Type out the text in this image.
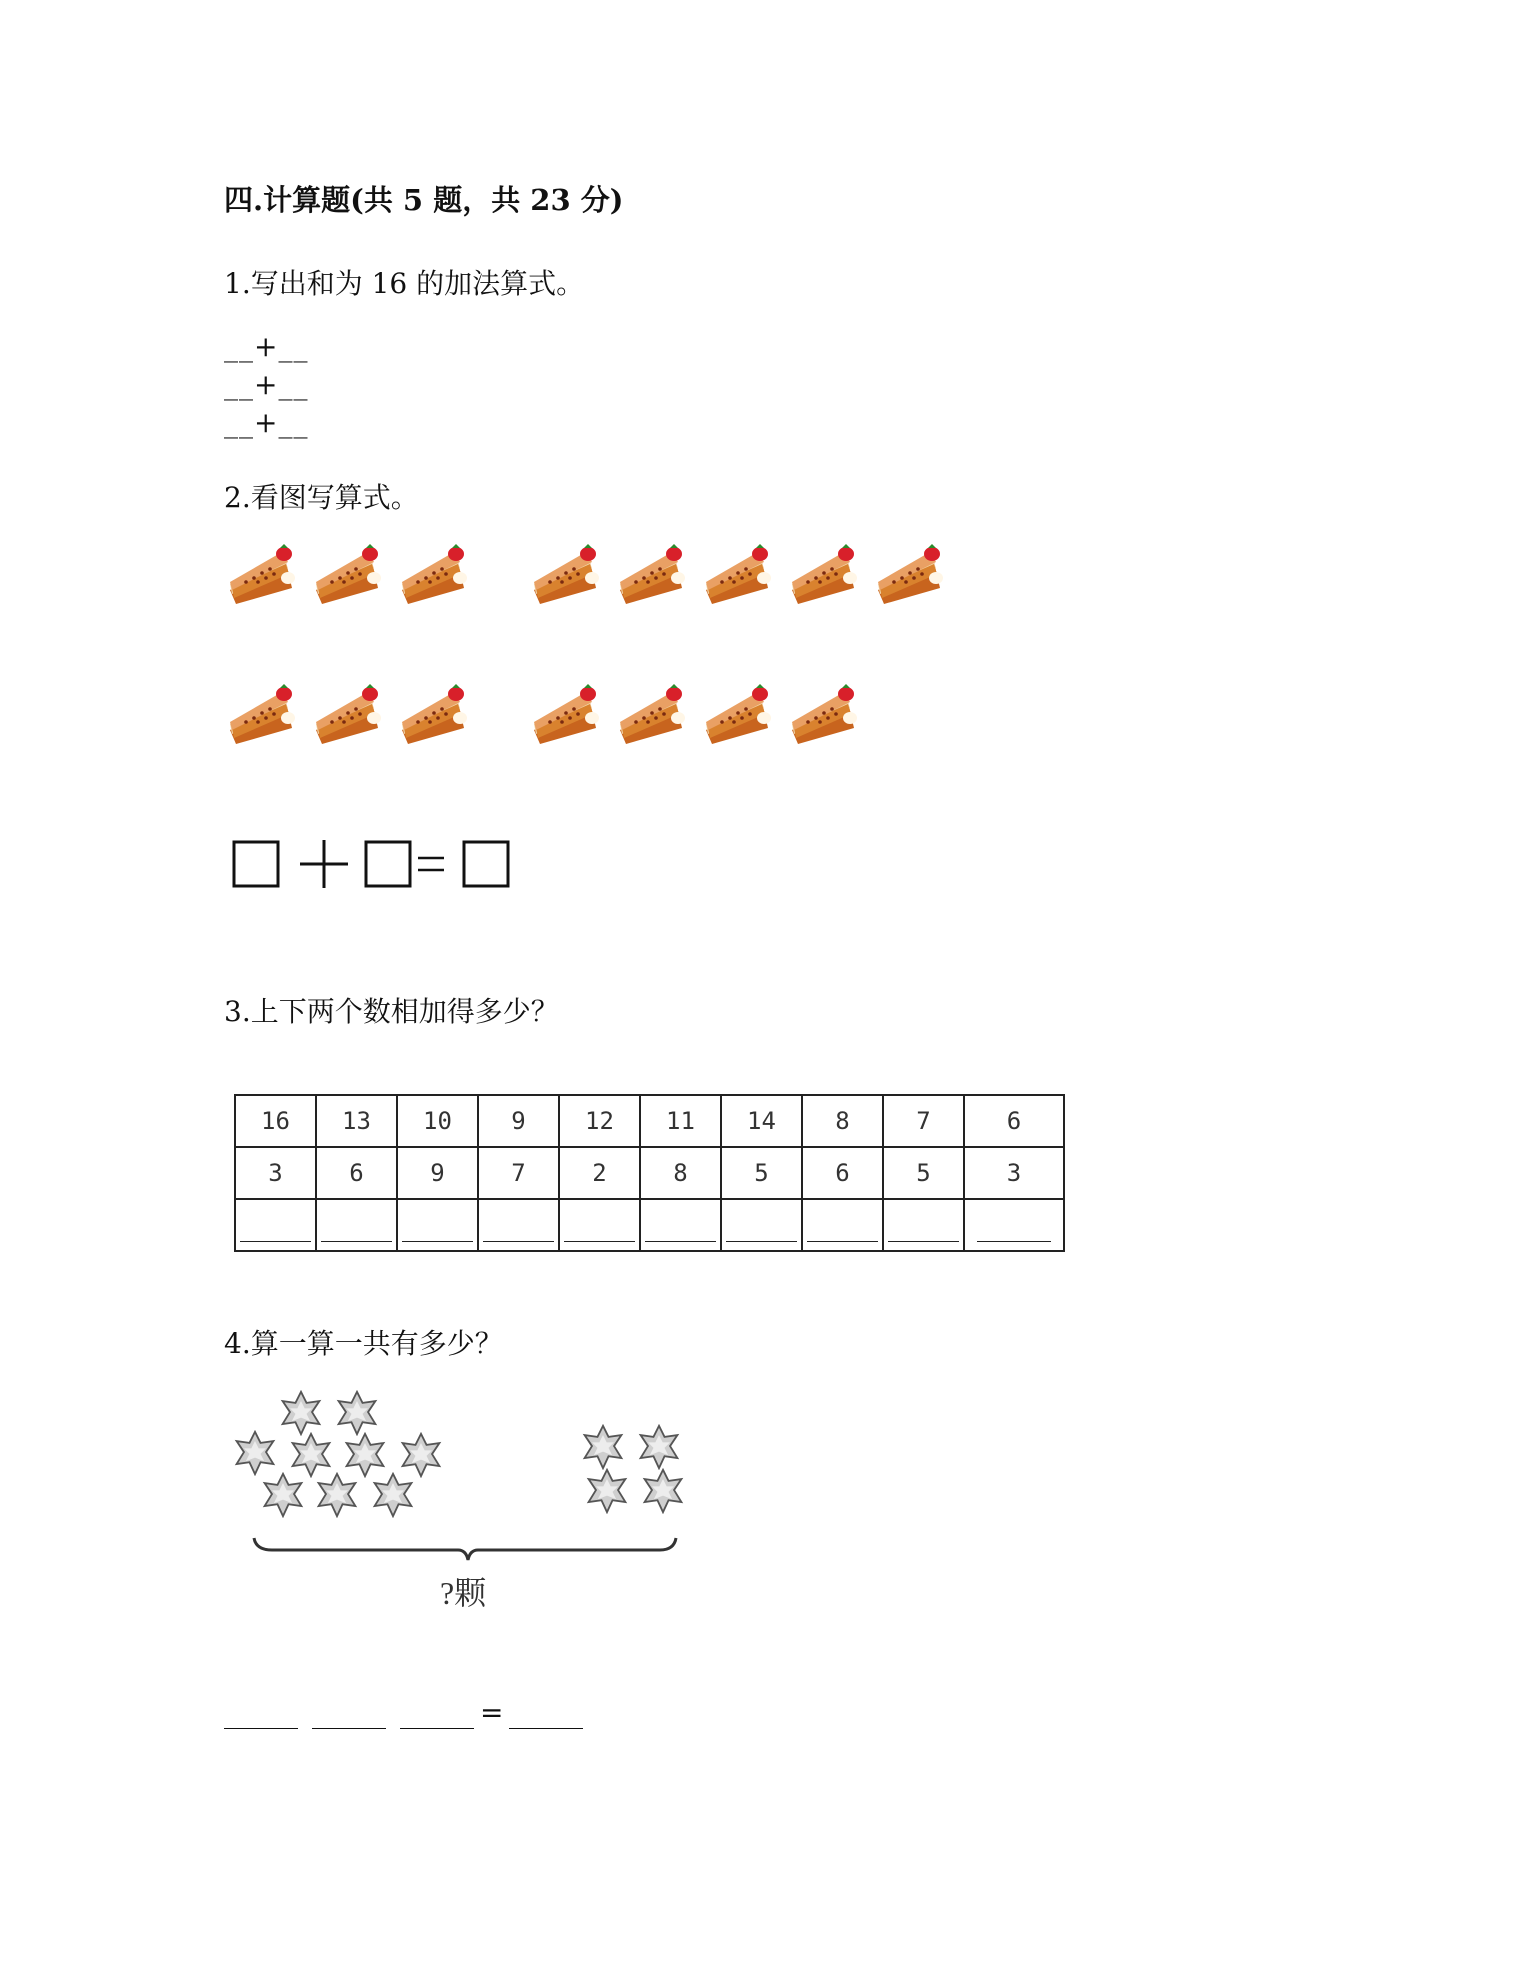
四.计算题(共 5 题，共 23 分)
1.写出和为 16 的加法算式。
__+__
__+__
__+__
2.看图写算式。
3.上下两个数相加得多少？
16	13	10	9	12	11	14	8	7	6
3	6	9	7	2	8	5	6	5	3

4.算一算一共有多少？
?颗
=
